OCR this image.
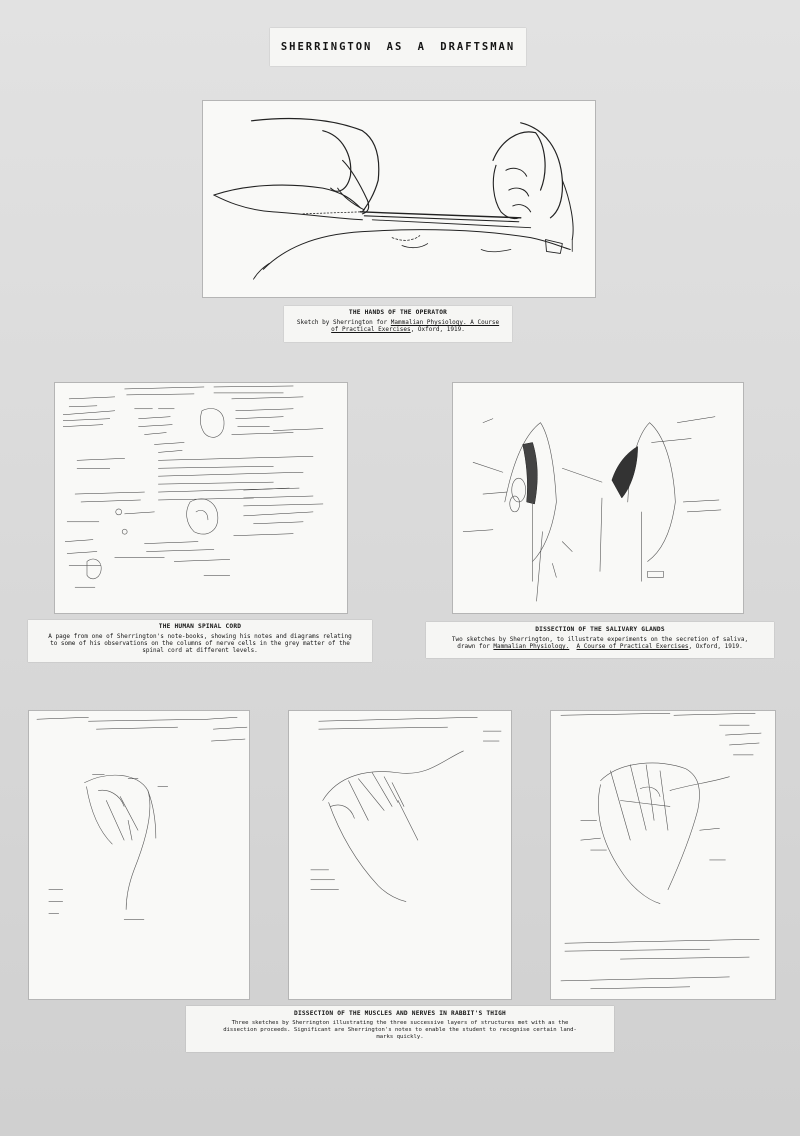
SHERRINGTON AS A DRAFTSMAN
THE HANDS OF THE OPERATOR
Sketch by Sherrington for Mammalian Physiology. A Course
of Practical Exercises, Oxford, 1919.
THE HUMAN SPINAL CORD
A page from one of Sherrington's note-books, showing his notes and diagrams relating
to some of his observations on the columns of nerve cells in the grey matter of the
spinal cord at different levels.
DISSECTION OF THE SALIVARY GLANDS
Two sketches by Sherrington, to illustrate experiments on the secretion of saliva,
drawn for Mammalian Physiology. A Course of Practical Exercises, Oxford, 1919.
DISSECTION OF THE MUSCLES AND NERVES IN RABBIT'S THIGH
Three sketches by Sherrington illustrating the three successive layers of structures met with as the
dissection proceeds. Significant are Sherrington's notes to enable the student to recognise certain land-
marks quickly.
